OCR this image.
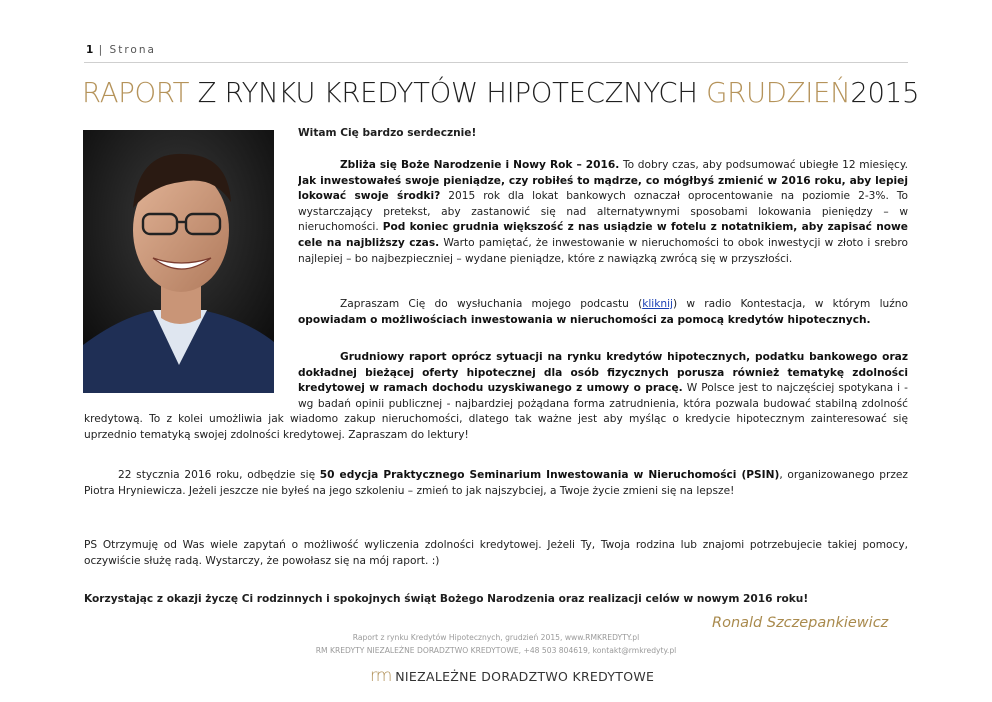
1 | Strona
RAPORT Z RYNKU KREDYTÓW HIPOTECZNYCH GRUDZIEŃ2015
Witam Cię bardzo serdecznie!
Zbliża się Boże Narodzenie i Nowy Rok – 2016. To dobry czas, aby podsumować ubiegłe 12 miesięcy. Jak inwestowałeś swoje pieniądze, czy robiłeś to mądrze, co mógłbyś zmienić w 2016 roku, aby lepiej lokować swoje środki? 2015 rok dla lokat bankowych oznaczał oprocentowanie na poziomie 2-3%. To wystarczający pretekst, aby zastanowić się nad alternatywnymi sposobami lokowania pieniędzy – w nieruchomości. Pod koniec grudnia większość z nas usiądzie w fotelu z notatnikiem, aby zapisać nowe cele na najbliższy czas. Warto pamiętać, że inwestowanie w nieruchomości to obok inwestycji w złoto i srebro najlepiej – bo najbezpieczniej – wydane pieniądze, które z nawiązką zwrócą się w przyszłości.
Zapraszam Cię do wysłuchania mojego podcastu (kliknij) w radio Kontestacja, w którym luźno opowiadam o możliwościach inwestowania w nieruchomości za pomocą kredytów hipotecznych.
Grudniowy raport oprócz sytuacji na rynku kredytów hipotecznych, podatku bankowego oraz dokładnej bieżącej oferty hipotecznej dla osób fizycznych porusza również tematykę zdolności kredytowej w ramach dochodu uzyskiwanego z umowy o pracę. W Polsce jest to najczęściej spotykana i - wg badań opinii publicznej - najbardziej pożądana forma zatrudnienia, która pozwala budować stabilną zdolność kredytową. To z kolei umożliwia jak wiadomo zakup nieruchomości, dlatego tak ważne jest aby myśląc o kredycie hipotecznym zainteresować się uprzednio tematyką swojej zdolności kredytowej. Zapraszam do lektury!
22 stycznia 2016 roku, odbędzie się 50 edycja Praktycznego Seminarium Inwestowania w Nieruchomości (PSIN), organizowanego przez Piotra Hryniewicza. Jeżeli jeszcze nie byłeś na jego szkoleniu – zmień to jak najszybciej, a Twoje życie zmieni się na lepsze!
PS Otrzymuję od Was wiele zapytań o możliwość wyliczenia zdolności kredytowej. Jeżeli Ty, Twoja rodzina lub znajomi potrzebujecie takiej pomocy, oczywiście służę radą. Wystarczy, że powołasz się na mój raport. :)
Korzystając z okazji życzę Ci rodzinnych i spokojnych świąt Bożego Narodzenia oraz realizacji celów w nowym 2016 roku!
Ronald Szczepankiewicz
Raport z rynku Kredytów Hipotecznych, grudzień 2015, www.RMKREDYTY.pl
RM KREDYTY NIEZALEŻNE DORADZTWO KREDYTOWE, +48 503 804619, kontakt@rmkredyty.pl
rm NIEZALEŻNE DORADZTWO KREDYTOWE
